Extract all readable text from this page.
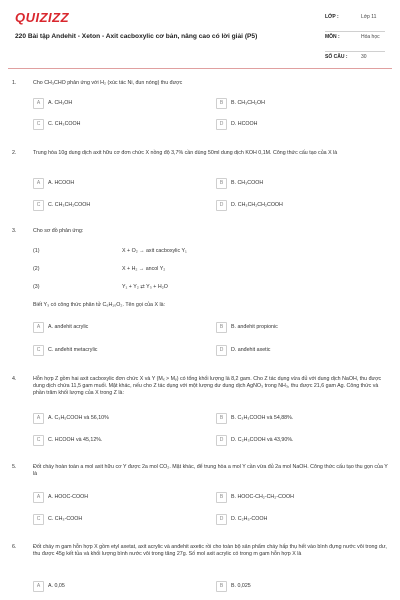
QUIZIZZ
220 Bài tập Andehit - Xeton - Axit cacboxylic cơ bản, nâng cao có lời giải (P5)
LỚP :	Lớp 11
MÔN :	Hóa học
SỐ CÂU :	30
1.	Cho CH₃CHO phản ứng với H₂ (xúc tác Ni, đun nóng) thu được
A	A. CH₃OH	B	B. CH₃CH₂OH
C	C. CH₃COOH	D	D. HCOOH
2.	Trung hòa 10g dung dịch axit hữu cơ đơn chức X nồng độ 3,7% cần dùng 50ml dung dịch KOH 0,1M. Công thức cấu tạo của X là
A	A. HCOOH	B	B. CH₃COOH
C	C. CH₃CH₂COOH	D	D. CH₃CH₂CH₂COOH
3.	Cho sơ đồ phản ứng:
(1)	X + O₂ → axit cacboxylic Y₁
(2)	X + H₂ → ancol Y₂
(3)	Y₁ + Y₂ ⇄ Y₃ + H₂O
Biết Y₃ có công thức phân tử C₆H₁₀O₂. Tên gọi của X là:
A	A. anđehit acrylic	B	B. anđehit propionic
C	C. anđehit metacrylic	D	D. anđehit axetic
4.	Hỗn hợp Z gồm hai axit cacboxylic đơn chức X và Y (Mₓ > Mᵧ) có tổng khối lượng là 8,2 gam. Cho Z tác dụng vừa đủ với dung dịch NaOH, thu được dung dịch chứa 11,5 gam muối. Mặt khác, nếu cho Z tác dụng với một lượng dư dung dịch AgNO₃ trong NH₃, thu được 21,6 gam Ag. Công thức và phần trăm khối lượng của X trong Z là:
A	A. C₃H₅COOH và 56,10%	B	B. C₃H₃COOH và 54,88%.
C	C. HCOOH và 45,12%.	D	D. C₂H₃COOH và 43,90%.
5.	Đốt cháy hoàn toàn a mol axit hữu cơ Y được 2a mol CO₂. Mặt khác, để trung hòa a mol Y cần vừa đủ 2a mol NaOH. Công thức cấu tạo thu gọn của Y là
A	A. HOOC-COOH	B	B. HOOC-CH₂-CH₂-COOH
C	C. CH₃-COOH	D	D. C₂H₅-COOH
6.	Đốt cháy m gam hỗn hợp X gồm etyl axetat, axit acrylic và anđehit axetic rồi cho toàn bộ sản phẩm cháy hấp thụ hết vào bình đựng nước vôi trong dư, thu được 45g kết tủa và khối lượng bình nước vôi trong tăng 27g. Số mol axit acrylic có trong m gam hỗn hợp X là
A	A. 0,05	B	B. 0,025
